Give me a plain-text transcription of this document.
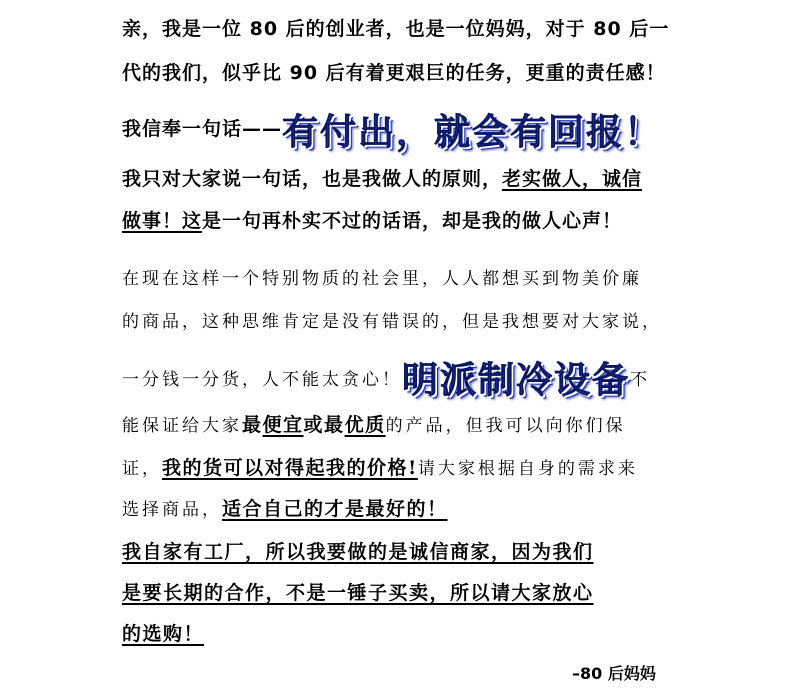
亲，我是一位 80 后的创业者，也是一位妈妈，对于 80 后一
代的我们，似乎比 90 后有着更艰巨的任务，更重的责任感！
我信奉一句话——有付出，就会有回报！
我只对大家说一句话，也是我做人的原则，老实做人，诚信
做事！这是一句再朴实不过的话语，却是我的做人心声！
在现在这样一个特别物质的社会里，人人都想买到物美价廉
的商品，这种思维肯定是没有错误的，但是我想要对大家说，
一分钱一分货，人不能太贪心！明派制冷设备不
能保证给大家最便宜或最优质的产品，但我可以向你们保
证，我的货可以对得起我的价格!请大家根据自身的需求来
选择商品，适合自己的才是最好的！
我自家有工厂，所以我要做的是诚信商家，因为我们
是要长期的合作，不是一锤子买卖，所以请大家放心
的选购！
–80 后妈妈
